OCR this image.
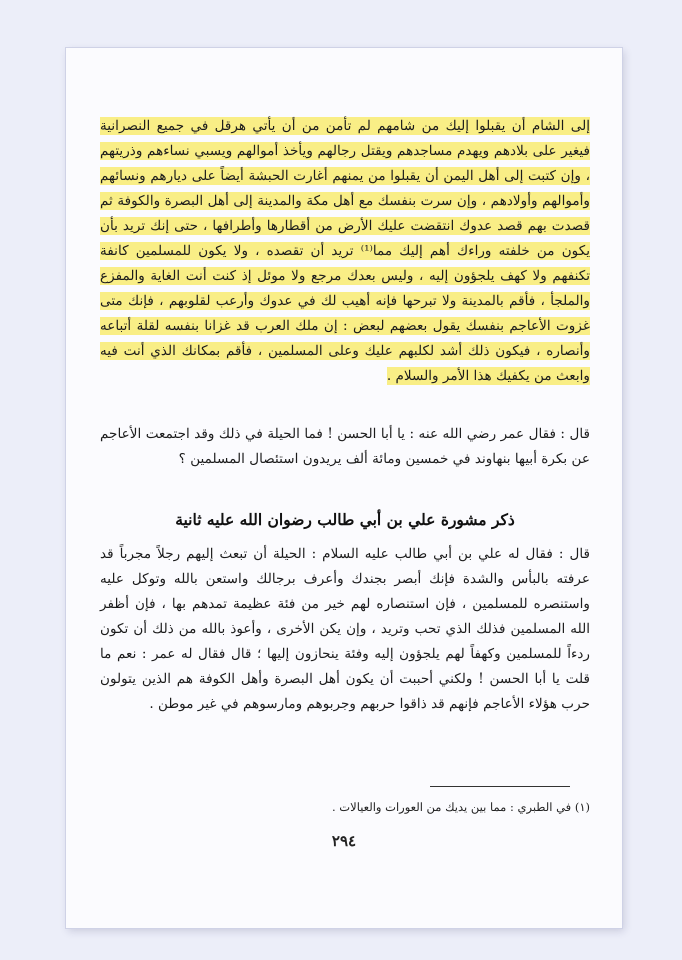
إلى الشام أن يقبلوا إليك من شامهم لم تأمن من أن يأتي هرقل في جميع النصرانية فيغير على بلادهم ويهدم مساجدهم ويقتل رجالهم ويأخذ أموالهم ويسبي نساءهم وذريتهم ، وإن كتبت إلى أهل اليمن أن يقبلوا من يمنهم أغارت الحبشة أيضاً على ديارهم ونسائهم وأموالهم وأولادهم ، وإن سرت بنفسك مع أهل مكة والمدينة إلى أهل البصرة والكوفة ثم قصدت بهم قصد عدوك انتقضت عليك الأرض من أقطارها وأطرافها ، حتى إنك تريد بأن يكون من خلفته وراءك أهم إليك مما⁽¹⁾ تريد أن تقصده ، ولا يكون للمسلمين كانفة تكنفهم ولا كهف يلجؤون إليه ، وليس بعدك مرجع ولا موئل إذ كنت أنت الغاية والمفزع والملجأ ، فأقم بالمدينة ولا تبرحها فإنه أهيب لك في عدوك وأرعب لقلوبهم ، فإنك متى غزوت الأعاجم بنفسك يقول بعضهم لبعض : إن ملك العرب قد غزانا بنفسه لقلة أتباعه وأنصاره ، فيكون ذلك أشد لكلبهم عليك وعلى المسلمين ، فأقم بمكانك الذي أنت فيه وابعث من يكفيك هذا الأمر والسلام .

قال : فقال عمر رضي الله عنه : يا أبا الحسن ! فما الحيلة في ذلك وقد اجتمعت الأعاجم عن بكرة أبيها بنهاوند في خمسين ومائة ألف يريدون استئصال المسلمين ؟

ذكر مشورة علي بن أبي طالب رضوان الله عليه ثانية

قال : فقال له علي بن أبي طالب عليه السلام : الحيلة أن تبعث إليهم رجلاً مجرباً قد عرفته بالبأس والشدة فإنك أبصر بجندك وأعرف برجالك واستعن بالله وتوكل عليه واستنصره للمسلمين ، فإن استنصاره لهم خير من فئة عظيمة تمدهم بها ، فإن أظفر الله المسلمين فذلك الذي تحب وتريد ، وإن يكن الأخرى ، وأعوذ بالله من ذلك أن تكون ردءاً للمسلمين وكهفاً لهم يلجؤون إليه وفئة ينحازون إليها ؛ قال فقال له عمر : نعم ما قلت يا أبا الحسن ! ولكني أحببت أن يكون أهل البصرة وأهل الكوفة هم الذين يتولون حرب هؤلاء الأعاجم فإنهم قد ذاقوا حربهم وجربوهم ومارسوهم في غير موطن .

(١) في الطبري : مما بين يديك من العورات والعيالات .
٢٩٤
